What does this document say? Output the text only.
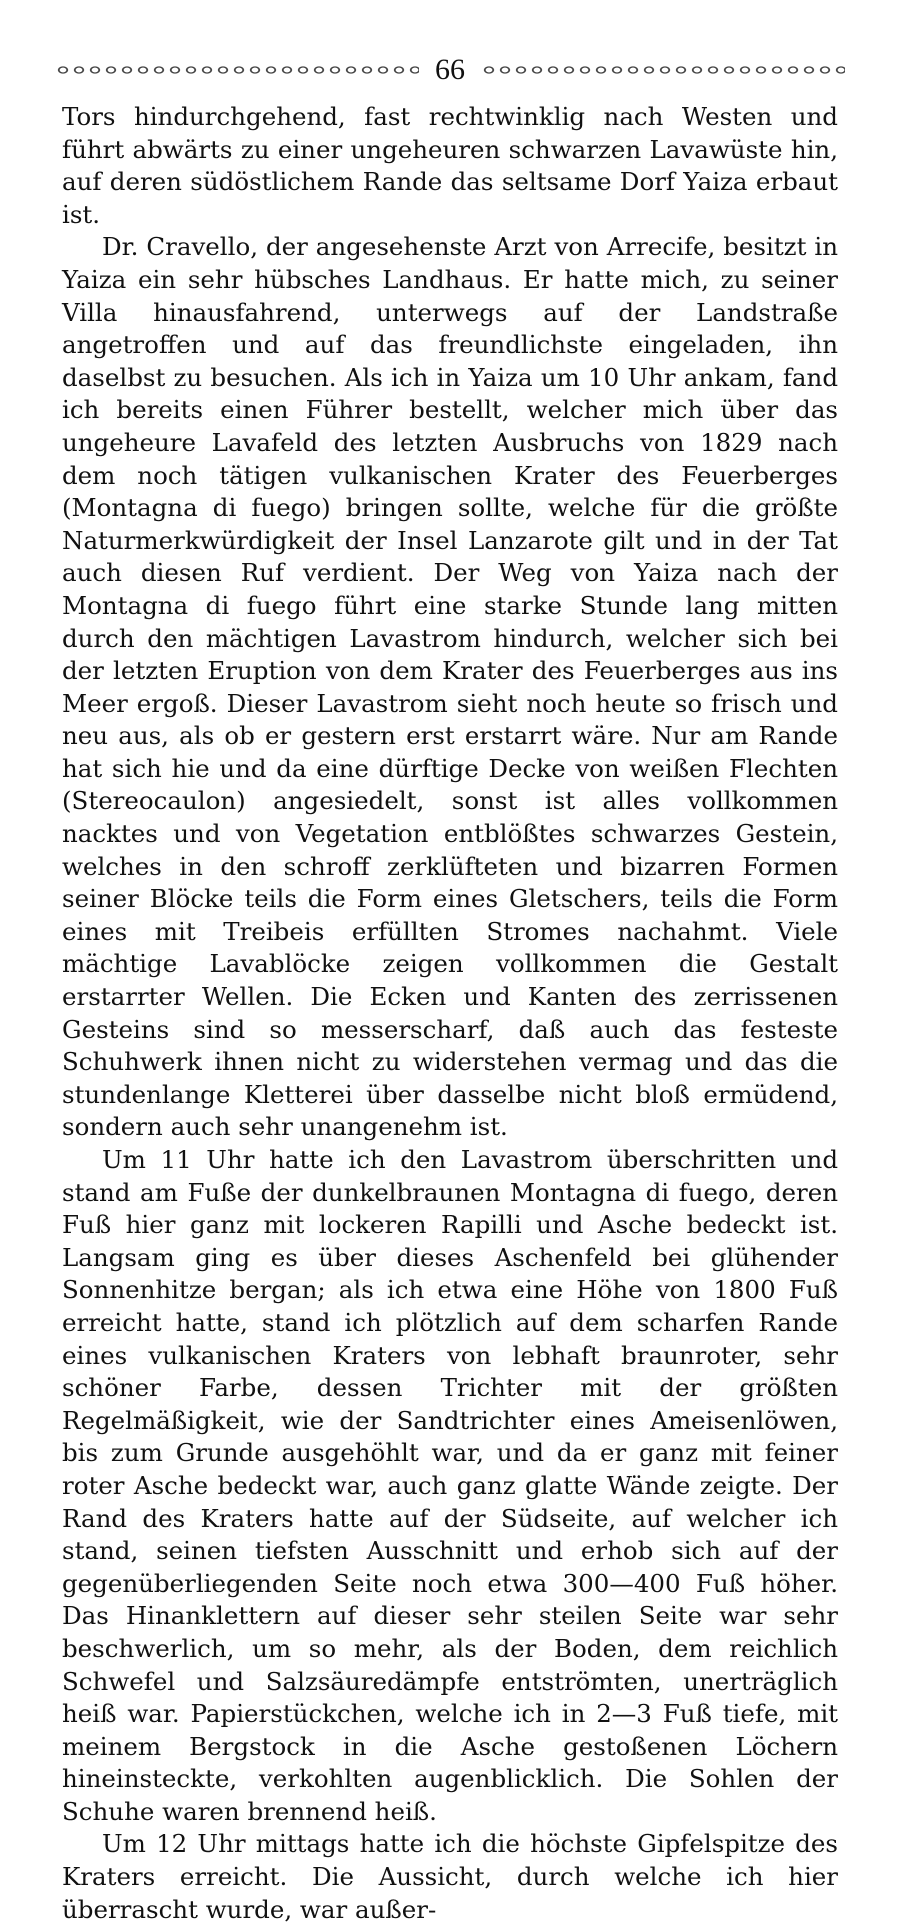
66

Tors hindurchgehend, fast rechtwinklig nach Westen und führt abwärts zu einer ungeheuren schwarzen Lavawüste hin, auf deren südöstlichem Rande das seltsame Dorf Yaiza erbaut ist.

Dr. Cravello, der angesehenste Arzt von Arrecife, besitzt in Yaiza ein sehr hübsches Landhaus. Er hatte mich, zu seiner Villa hinausfahrend, unterwegs auf der Landstraße angetroffen und auf das freundlichste eingeladen, ihn daselbst zu besuchen. Als ich in Yaiza um 10 Uhr ankam, fand ich bereits einen Führer bestellt, welcher mich über das ungeheure Lavafeld des letzten Ausbruchs von 1829 nach dem noch tätigen vulkanischen Krater des Feuerberges (Montagna di fuego) bringen sollte, welche für die größte Naturmerkwürdigkeit der Insel Lanzarote gilt und in der Tat auch diesen Ruf verdient. Der Weg von Yaiza nach der Montagna di fuego führt eine starke Stunde lang mitten durch den mächtigen Lavastrom hindurch, welcher sich bei der letzten Eruption von dem Krater des Feuerberges aus ins Meer ergoß. Dieser Lavastrom sieht noch heute so frisch und neu aus, als ob er gestern erst erstarrt wäre. Nur am Rande hat sich hie und da eine dürftige Decke von weißen Flechten (Stereocaulon) angesiedelt, sonst ist alles vollkommen nacktes und von Vegetation entblößtes schwarzes Gestein, welches in den schroff zerklüfteten und bizarren Formen seiner Blöcke teils die Form eines Gletschers, teils die Form eines mit Treibeis erfüllten Stromes nachahmt. Viele mächtige Lavablöcke zeigen vollkommen die Gestalt erstarrter Wellen. Die Ecken und Kanten des zerrissenen Gesteins sind so messerscharf, daß auch das festeste Schuhwerk ihnen nicht zu widerstehen vermag und das die stundenlange Kletterei über dasselbe nicht bloß ermüdend, sondern auch sehr unangenehm ist.

Um 11 Uhr hatte ich den Lavastrom überschritten und stand am Fuße der dunkelbraunen Montagna di fuego, deren Fuß hier ganz mit lockeren Rapilli und Asche bedeckt ist. Langsam ging es über dieses Aschenfeld bei glühender Sonnenhitze bergan; als ich etwa eine Höhe von 1800 Fuß erreicht hatte, stand ich plötzlich auf dem scharfen Rande eines vulkanischen Kraters von lebhaft braunroter, sehr schöner Farbe, dessen Trichter mit der größten Regelmäßigkeit, wie der Sandtrichter eines Ameisenlöwen, bis zum Grunde ausgehöhlt war, und da er ganz mit feiner roter Asche bedeckt war, auch ganz glatte Wände zeigte. Der Rand des Kraters hatte auf der Südseite, auf welcher ich stand, seinen tiefsten Ausschnitt und erhob sich auf der gegenüberliegenden Seite noch etwa 300—400 Fuß höher. Das Hinanklettern auf dieser sehr steilen Seite war sehr beschwerlich, um so mehr, als der Boden, dem reichlich Schwefel und Salzsäuredämpfe entströmten, unerträglich heiß war. Papierstückchen, welche ich in 2—3 Fuß tiefe, mit meinem Bergstock in die Asche gestoßenen Löchern hineinsteckte, verkohlten augenblicklich. Die Sohlen der Schuhe waren brennend heiß.

Um 12 Uhr mittags hatte ich die höchste Gipfelspitze des Kraters erreicht. Die Aussicht, durch welche ich hier überrascht wurde, war außer-
